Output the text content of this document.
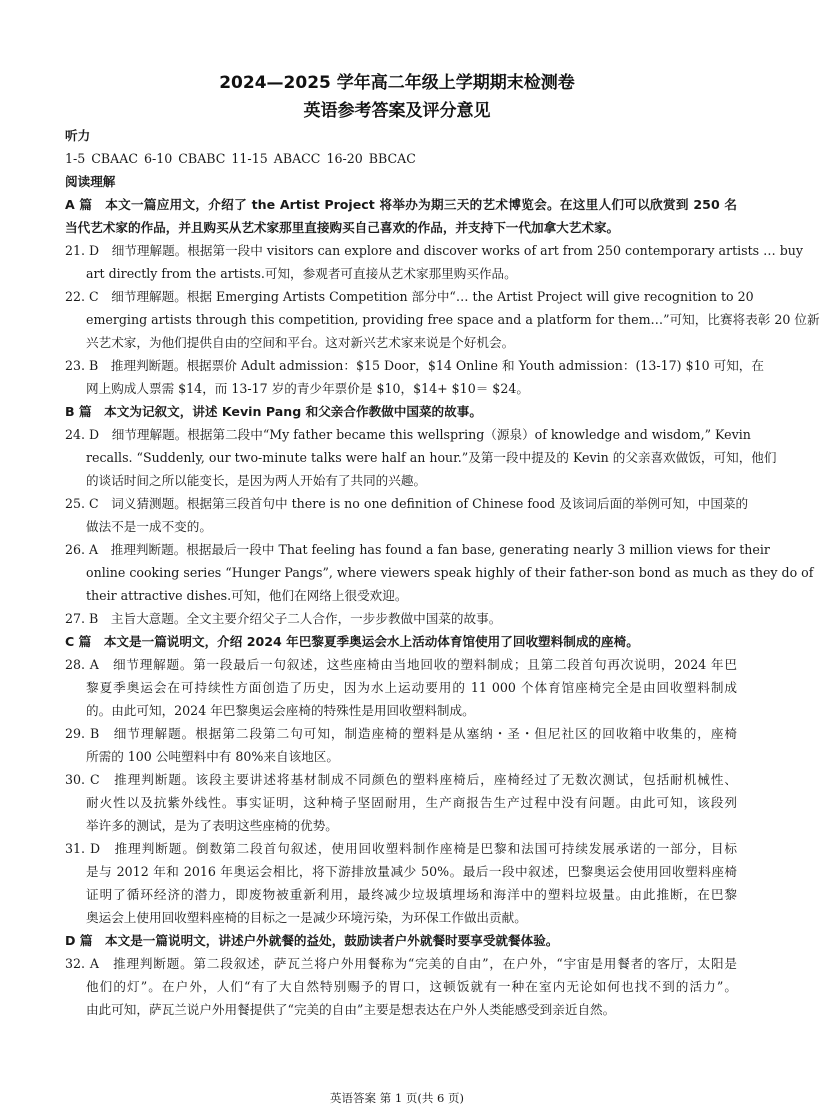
2024—2025 学年高二年级上学期期末检测卷
英语参考答案及评分意见
听力
1-5 CBAAC 6-10 CBABC 11-15 ABACC 16-20 BBCAC
阅读理解
A 篇　本文一篇应用文，介绍了 the Artist Project 将举办为期三天的艺术博览会。在这里人们可以欣赏到 250 名
当代艺术家的作品，并且购买从艺术家那里直接购买自己喜欢的作品，并支持下一代加拿大艺术家。
21. D　细节理解题。根据第一段中 visitors can explore and discover works of art from 250 contemporary artists … buy
art directly from the artists.可知，参观者可直接从艺术家那里购买作品。
22. C　细节理解题。根据 Emerging Artists Competition 部分中“… the Artist Project will give recognition to 20
emerging artists through this competition, providing free space and a platform for them…”可知，比赛将表彰 20 位新
兴艺术家，为他们提供自由的空间和平台。这对新兴艺术家来说是个好机会。
23. B　推理判断题。根据票价 Adult admission：$15 Door，$14 Online 和 Youth admission：(13-17) $10 可知，在
网上购成人票需 $14，而 13-17 岁的青少年票价是 $10，$14+ $10＝ $24。
B 篇　本文为记叙文，讲述 Kevin Pang 和父亲合作教做中国菜的故事。
24. D　细节理解题。根据第二段中“My father became this wellspring（源泉）of knowledge and wisdom,” Kevin
recalls. “Suddenly, our two-minute talks were half an hour.”及第一段中提及的 Kevin 的父亲喜欢做饭，可知，他们
的谈话时间之所以能变长，是因为两人开始有了共同的兴趣。
25. C　词义猜测题。根据第三段首句中 there is no one definition of Chinese food 及该词后面的举例可知，中国菜的
做法不是一成不变的。
26. A　推理判断题。根据最后一段中 That feeling has found a fan base, generating nearly 3 million views for their
online cooking series “Hunger Pangs”, where viewers speak highly of their father-son bond as much as they do of
their attractive dishes.可知，他们在网络上很受欢迎。
27. B　主旨大意题。全文主要介绍父子二人合作，一步步教做中国菜的故事。
C 篇　本文是一篇说明文，介绍 2024 年巴黎夏季奥运会水上活动体育馆使用了回收塑料制成的座椅。
28. A　细节理解题。第一段最后一句叙述，这些座椅由当地回收的塑料制成；且第二段首句再次说明，2024 年巴
黎夏季奥运会在可持续性方面创造了历史，因为水上运动要用的 11 000 个体育馆座椅完全是由回收塑料制成
的。由此可知，2024 年巴黎奥运会座椅的特殊性是用回收塑料制成。
29. B　细节理解题。根据第二段第二句可知，制造座椅的塑料是从塞纳・圣・但尼社区的回收箱中收集的，座椅
所需的 100 公吨塑料中有 80%来自该地区。
30. C　推理判断题。该段主要讲述将基材制成不同颜色的塑料座椅后，座椅经过了无数次测试，包括耐机械性、
耐火性以及抗紫外线性。事实证明，这种椅子坚固耐用，生产商报告生产过程中没有问题。由此可知，该段列
举许多的测试，是为了表明这些座椅的优势。
31. D　推理判断题。倒数第二段首句叙述，使用回收塑料制作座椅是巴黎和法国可持续发展承诺的一部分，目标
是与 2012 年和 2016 年奥运会相比，将下游排放量减少 50%。最后一段中叙述，巴黎奥运会使用回收塑料座椅
证明了循环经济的潜力，即废物被重新利用，最终减少垃圾填埋场和海洋中的塑料垃圾量。由此推断，在巴黎
奥运会上使用回收塑料座椅的目标之一是减少环境污染，为环保工作做出贡献。
D 篇　本文是一篇说明文，讲述户外就餐的益处，鼓励读者户外就餐时要享受就餐体验。
32. A　推理判断题。第二段叙述，萨瓦兰将户外用餐称为“完美的自由”，在户外，“宇宙是用餐者的客厅，太阳是
他们的灯”。在户外，人们“有了大自然特别赐予的胃口，这顿饭就有一种在室内无论如何也找不到的活力”。
由此可知，萨瓦兰说户外用餐提供了“完美的自由”主要是想表达在户外人类能感受到亲近自然。
英语答案 第 1 页(共 6 页)
